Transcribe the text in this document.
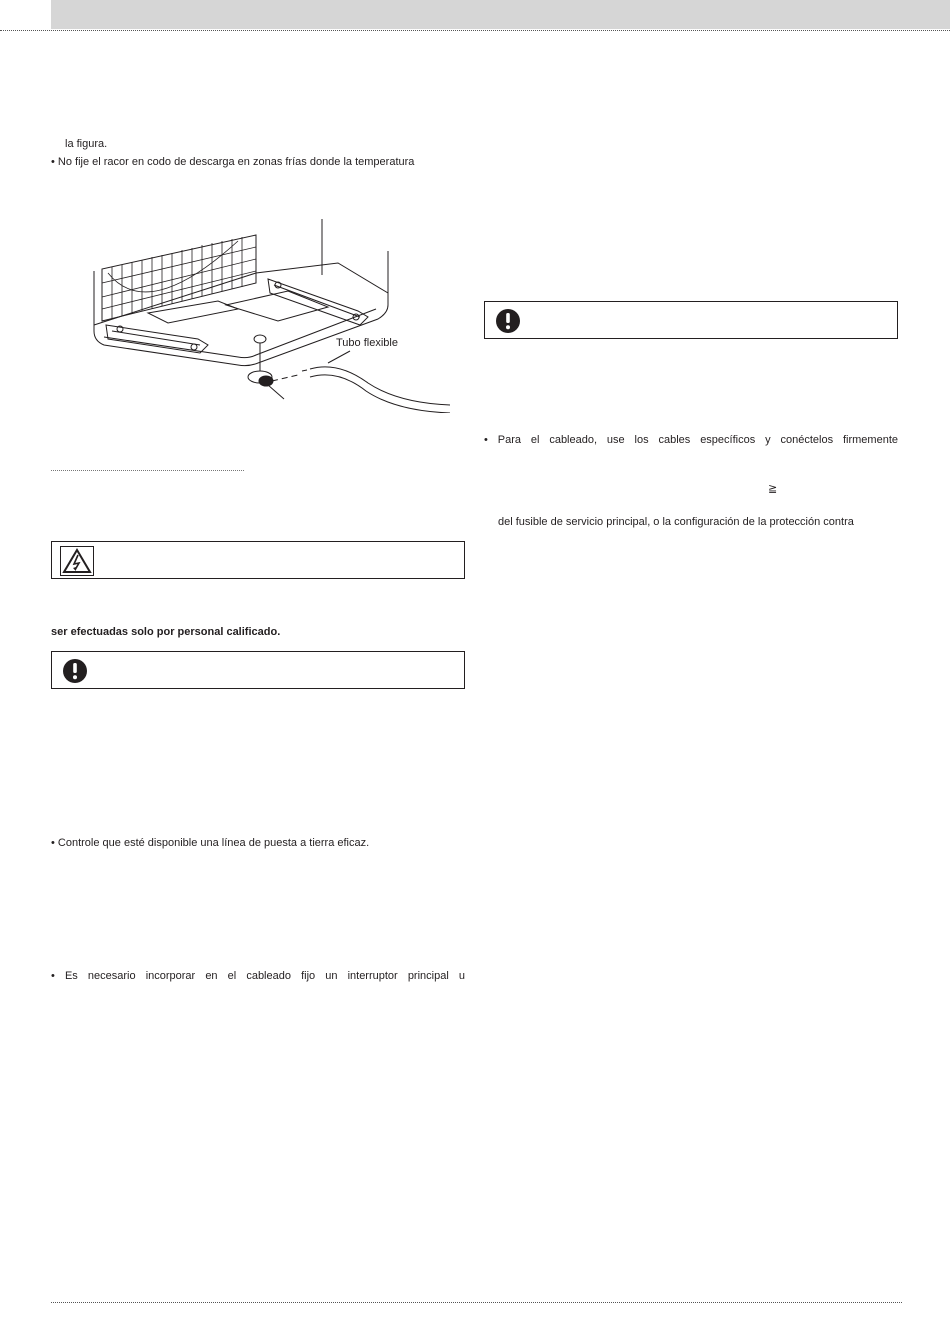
la figura.
• No fije el racor en codo de descarga en zonas frías donde la temperatura
Tubo flexible
ser efectuadas solo por personal calificado.
• Controle que esté disponible una línea de puesta a tierra eficaz.
• Es necesario incorporar en el cableado fijo un interruptor principal u
• Para el cableado, use los cables específicos y conéctelos firmemente
≧
del fusible de servicio principal, o la configuración de la protección contra
